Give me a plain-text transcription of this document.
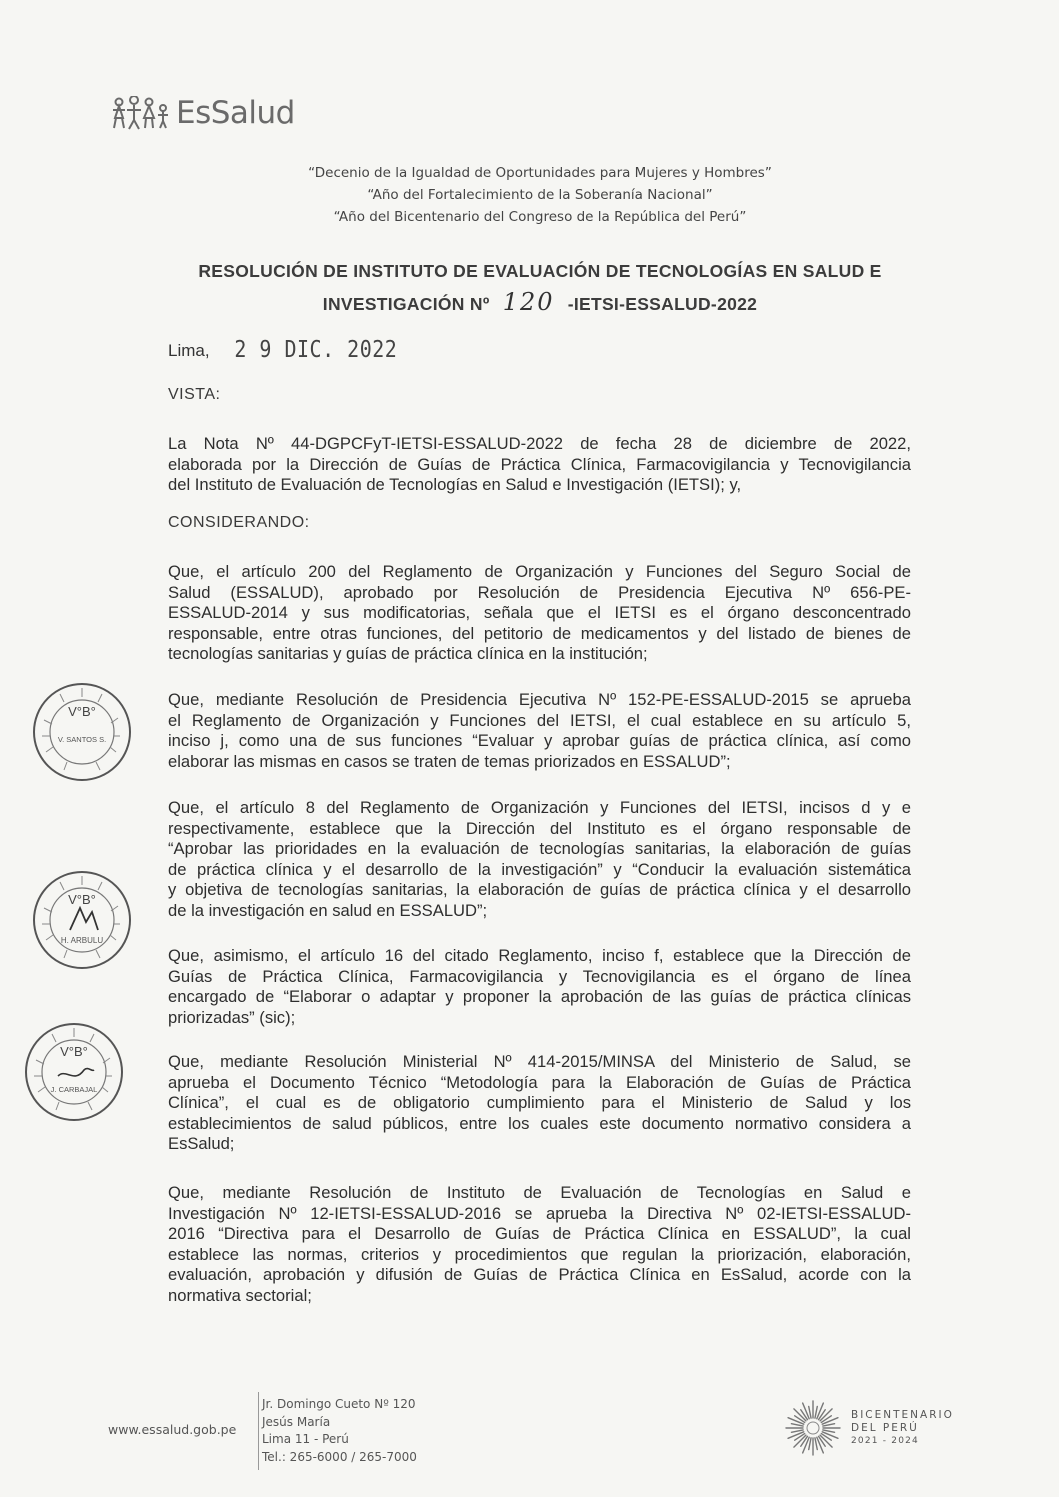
EsSalud
“Decenio de la Igualdad de Oportunidades para Mujeres y Hombres”
“Año del Fortalecimiento de la Soberanía Nacional”
“Año del Bicentenario del Congreso de la República del Perú”
RESOLUCIÓN DE INSTITUTO DE EVALUACIÓN DE TECNOLOGÍAS EN SALUD E
INVESTIGACIÓN Nº 120 -IETSI-ESSALUD-2022
Lima, 2 9 DIC. 2022
VISTA:
La Nota Nº 44-DGPCFyT-IETSI-ESSALUD-2022 de fecha 28 de diciembre de 2022,
elaborada por la Dirección de Guías de Práctica Clínica, Farmacovigilancia y Tecnovigilancia
del Instituto de Evaluación de Tecnologías en Salud e Investigación (IETSI); y,
CONSIDERANDO:
Que, el artículo 200 del Reglamento de Organización y Funciones del Seguro Social de
Salud (ESSALUD), aprobado por Resolución de Presidencia Ejecutiva Nº 656-PE-
ESSALUD-2014 y sus modificatorias, señala que el IETSI es el órgano desconcentrado
responsable, entre otras funciones, del petitorio de medicamentos y del listado de bienes de
tecnologías sanitarias y guías de práctica clínica en la institución;
Que, mediante Resolución de Presidencia Ejecutiva Nº 152-PE-ESSALUD-2015 se aprueba
el Reglamento de Organización y Funciones del IETSI, el cual establece en su artículo 5,
inciso j, como una de sus funciones “Evaluar y aprobar guías de práctica clínica, así como
elaborar las mismas en casos se traten de temas priorizados en ESSALUD”;
Que, el artículo 8 del Reglamento de Organización y Funciones del IETSI, incisos d y e
respectivamente, establece que la Dirección del Instituto es el órgano responsable de
“Aprobar las prioridades en la evaluación de tecnologías sanitarias, la elaboración de guías
de práctica clínica y el desarrollo de la investigación” y “Conducir la evaluación sistemática
y objetiva de tecnologías sanitarias, la elaboración de guías de práctica clínica y el desarrollo
de la investigación en salud en ESSALUD”;
Que, asimismo, el artículo 16 del citado Reglamento, inciso f, establece que la Dirección de
Guías de Práctica Clínica, Farmacovigilancia y Tecnovigilancia es el órgano de línea
encargado de “Elaborar o adaptar y proponer la aprobación de las guías de práctica clínicas
priorizadas” (sic);
Que, mediante Resolución Ministerial Nº 414-2015/MINSA del Ministerio de Salud, se
aprueba el Documento Técnico “Metodología para la Elaboración de Guías de Práctica
Clínica”, el cual es de obligatorio cumplimiento para el Ministerio de Salud y los
establecimientos de salud públicos, entre los cuales este documento normativo considera a
EsSalud;
Que, mediante Resolución de Instituto de Evaluación de Tecnologías en Salud e
Investigación Nº 12-IETSI-ESSALUD-2016 se aprueba la Directiva Nº 02-IETSI-ESSALUD-
2016 “Directiva para el Desarrollo de Guías de Práctica Clínica en ESSALUD”, la cual
establece las normas, criterios y procedimientos que regulan la priorización, elaboración,
evaluación, aprobación y difusión de Guías de Práctica Clínica en EsSalud, acorde con la
normativa sectorial;
V°B°
V. SANTOS S.
V°B°
H. ARBULU
V°B°
J. CARBAJAL
www.essalud.gob.pe
Jr. Domingo Cueto Nº 120
Jesús María
Lima 11 - Perú
Tel.: 265-6000 / 265-7000
BICENTENARIO
DEL PERÚ
2021 - 2024
